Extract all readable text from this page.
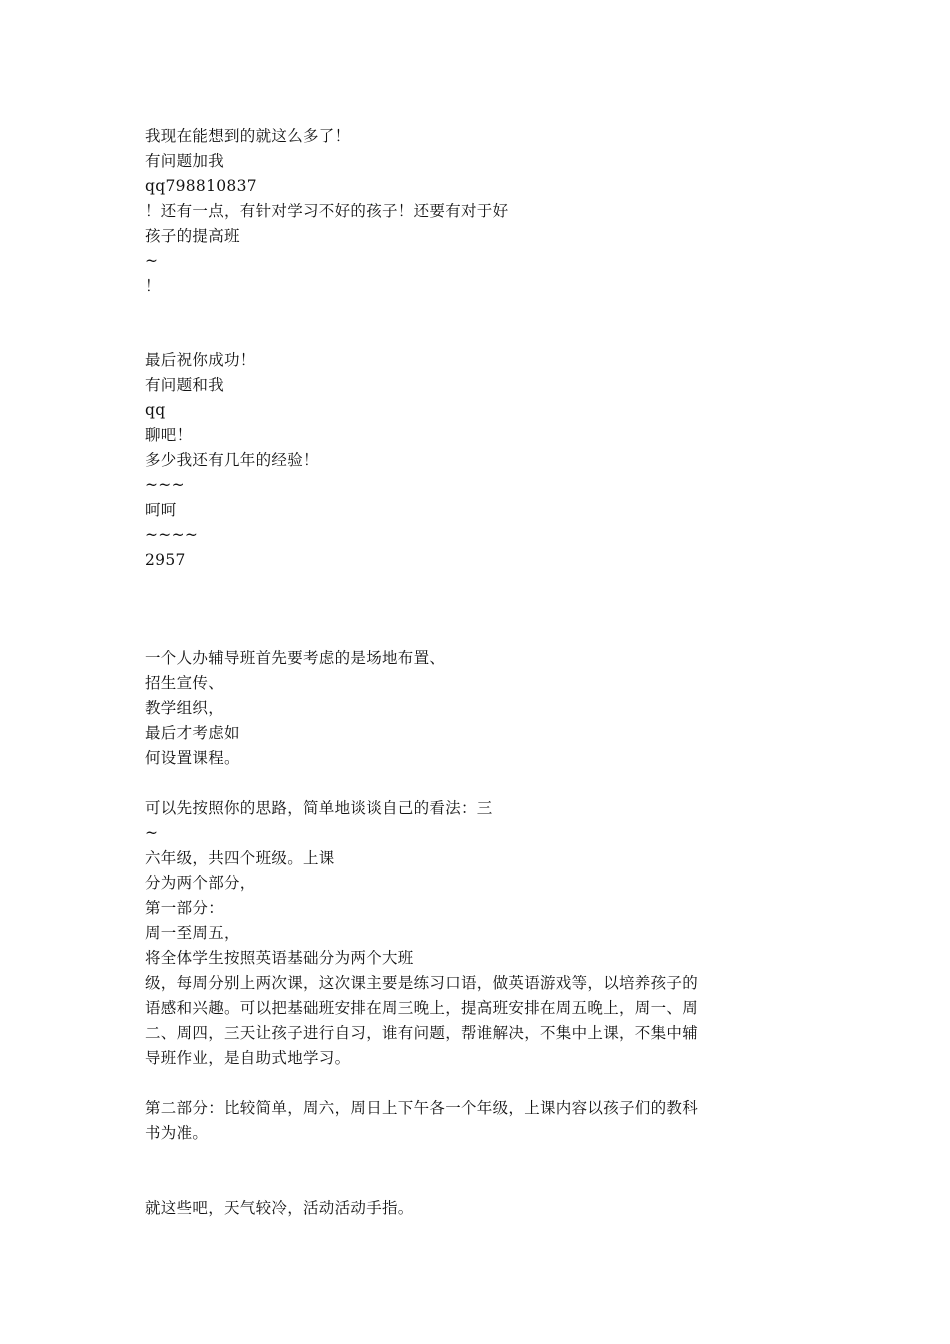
我现在能想到的就这么多了！
有问题加我
qq798810837
！还有一点，有针对学习不好的孩子！还要有对于好
孩子的提高班
~
！
最后祝你成功！
有问题和我
qq
聊吧！
多少我还有几年的经验！
~~~
呵呵
~~~~
2957
一个人办辅导班首先要考虑的是场地布置、
招生宣传、
教学组织，
最后才考虑如
何设置课程。
可以先按照你的思路，简单地谈谈自己的看法：三
~
六年级，共四个班级。上课
分为两个部分，
第一部分：
周一至周五，
将全体学生按照英语基础分为两个大班
级，每周分别上两次课，这次课主要是练习口语，做英语游戏等，以培养孩子的
语感和兴趣。可以把基础班安排在周三晚上，提高班安排在周五晚上，周一、周
二、周四，三天让孩子进行自习，谁有问题，帮谁解决，不集中上课，不集中辅
导班作业，是自助式地学习。
第二部分：比较简单，周六，周日上下午各一个年级，上课内容以孩子们的教科
书为准。
就这些吧，天气较冷，活动活动手指。
